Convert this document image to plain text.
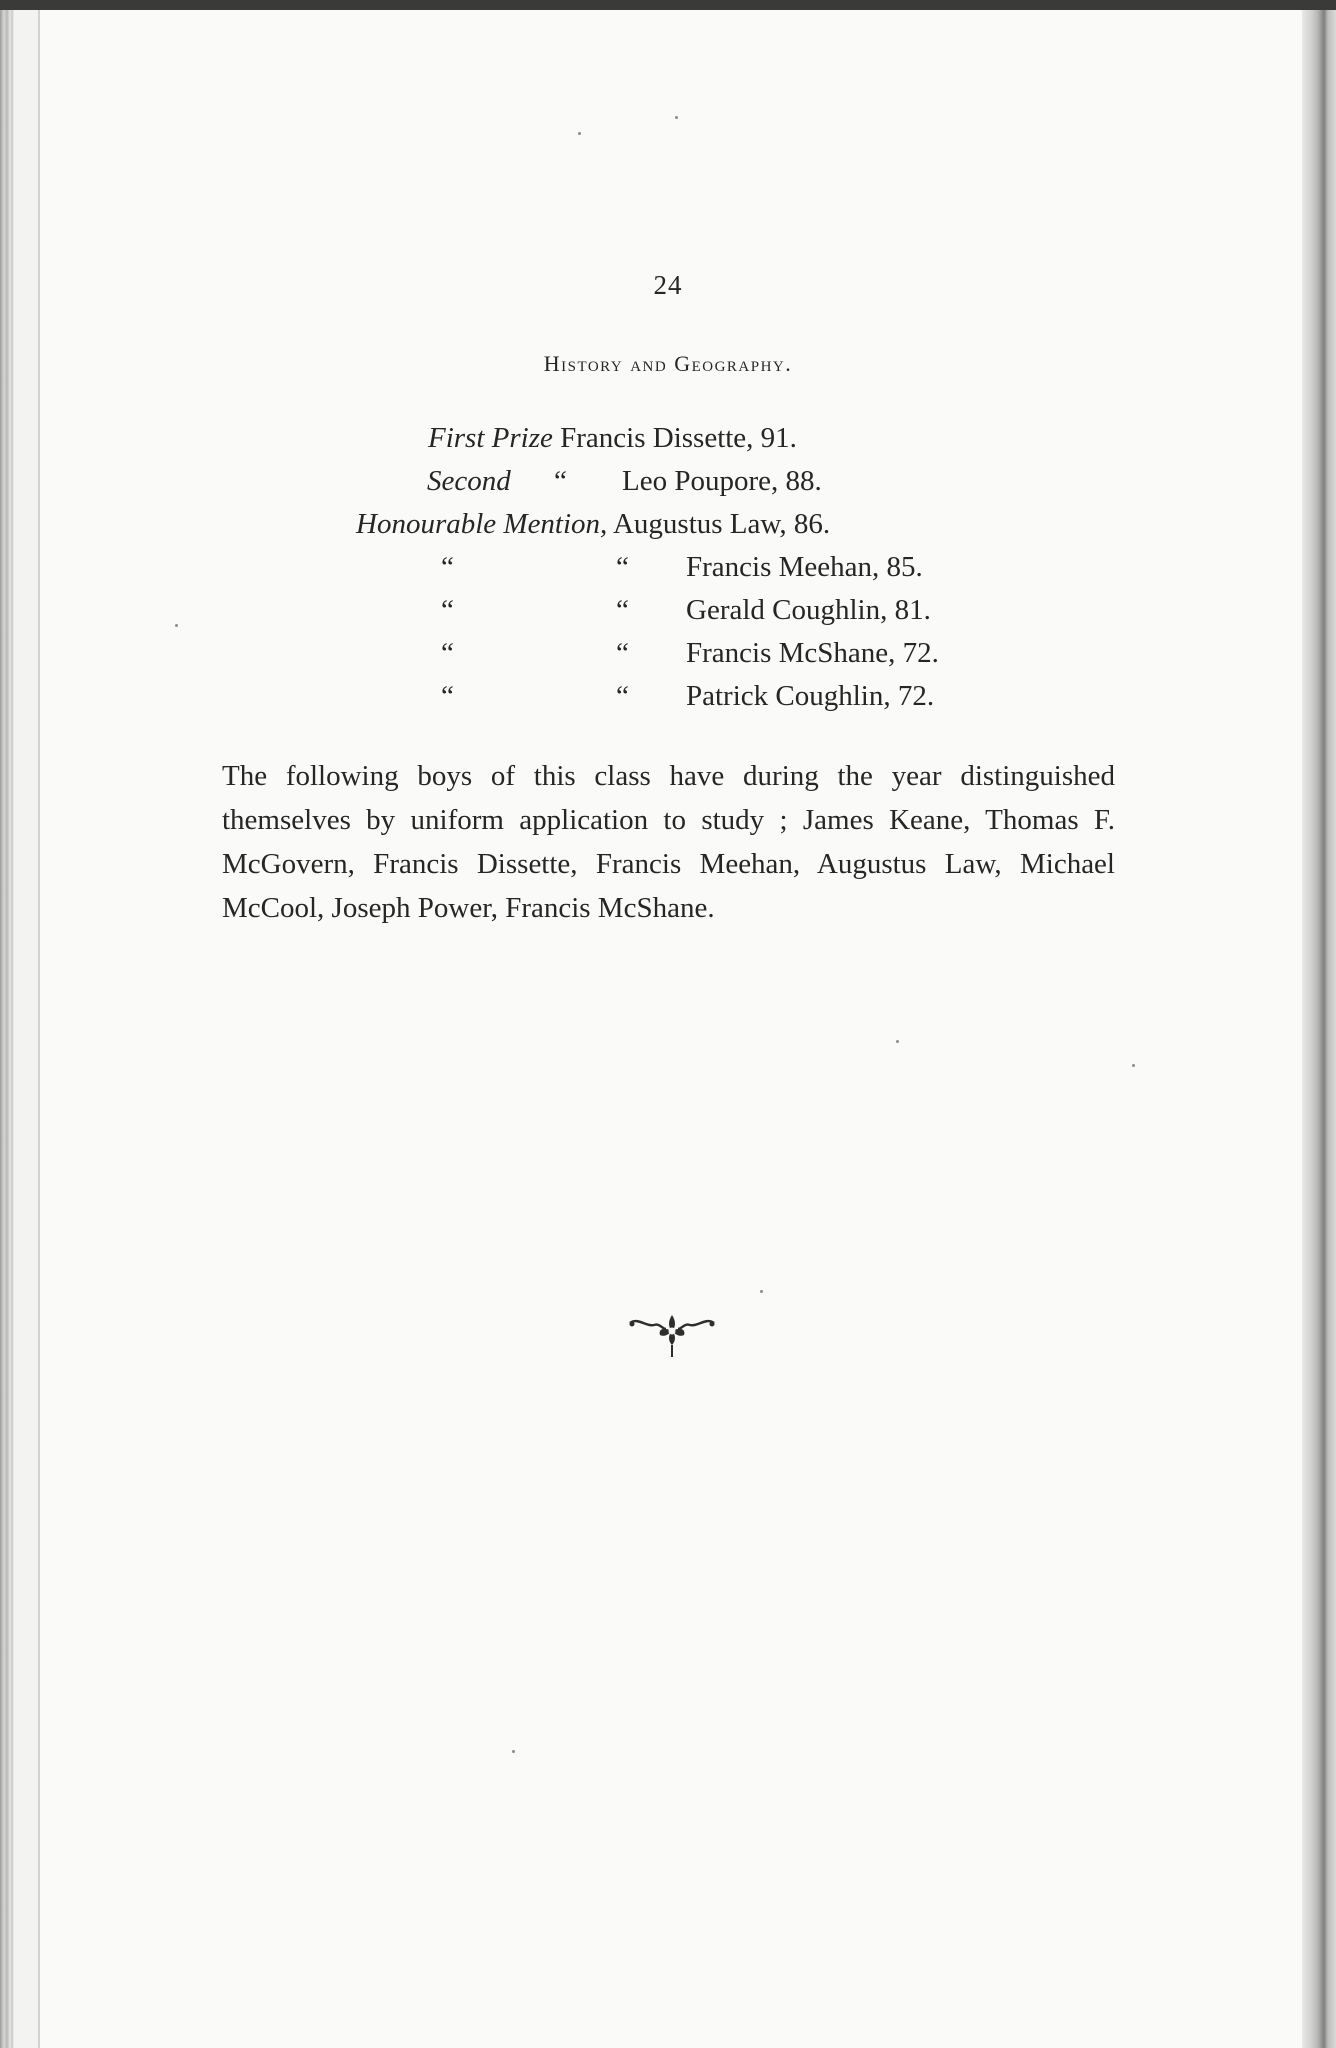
24
History and Geography.
First Prize Francis Dissette, 91.
Second “ Leo Poupore, 88.
Honourable Mention, Augustus Law, 86.
“	“ Francis Meehan, 85.
“	“ Gerald Coughlin, 81.
“	“ Francis McShane, 72.
“	“ Patrick Coughlin, 72.
The following boys of this class have during the year distinguished themselves by uniform application to study ; James Keane, Thomas F. McGovern, Francis Dissette, Francis Meehan, Augustus Law, Michael McCool, Joseph Power, Francis McShane.
